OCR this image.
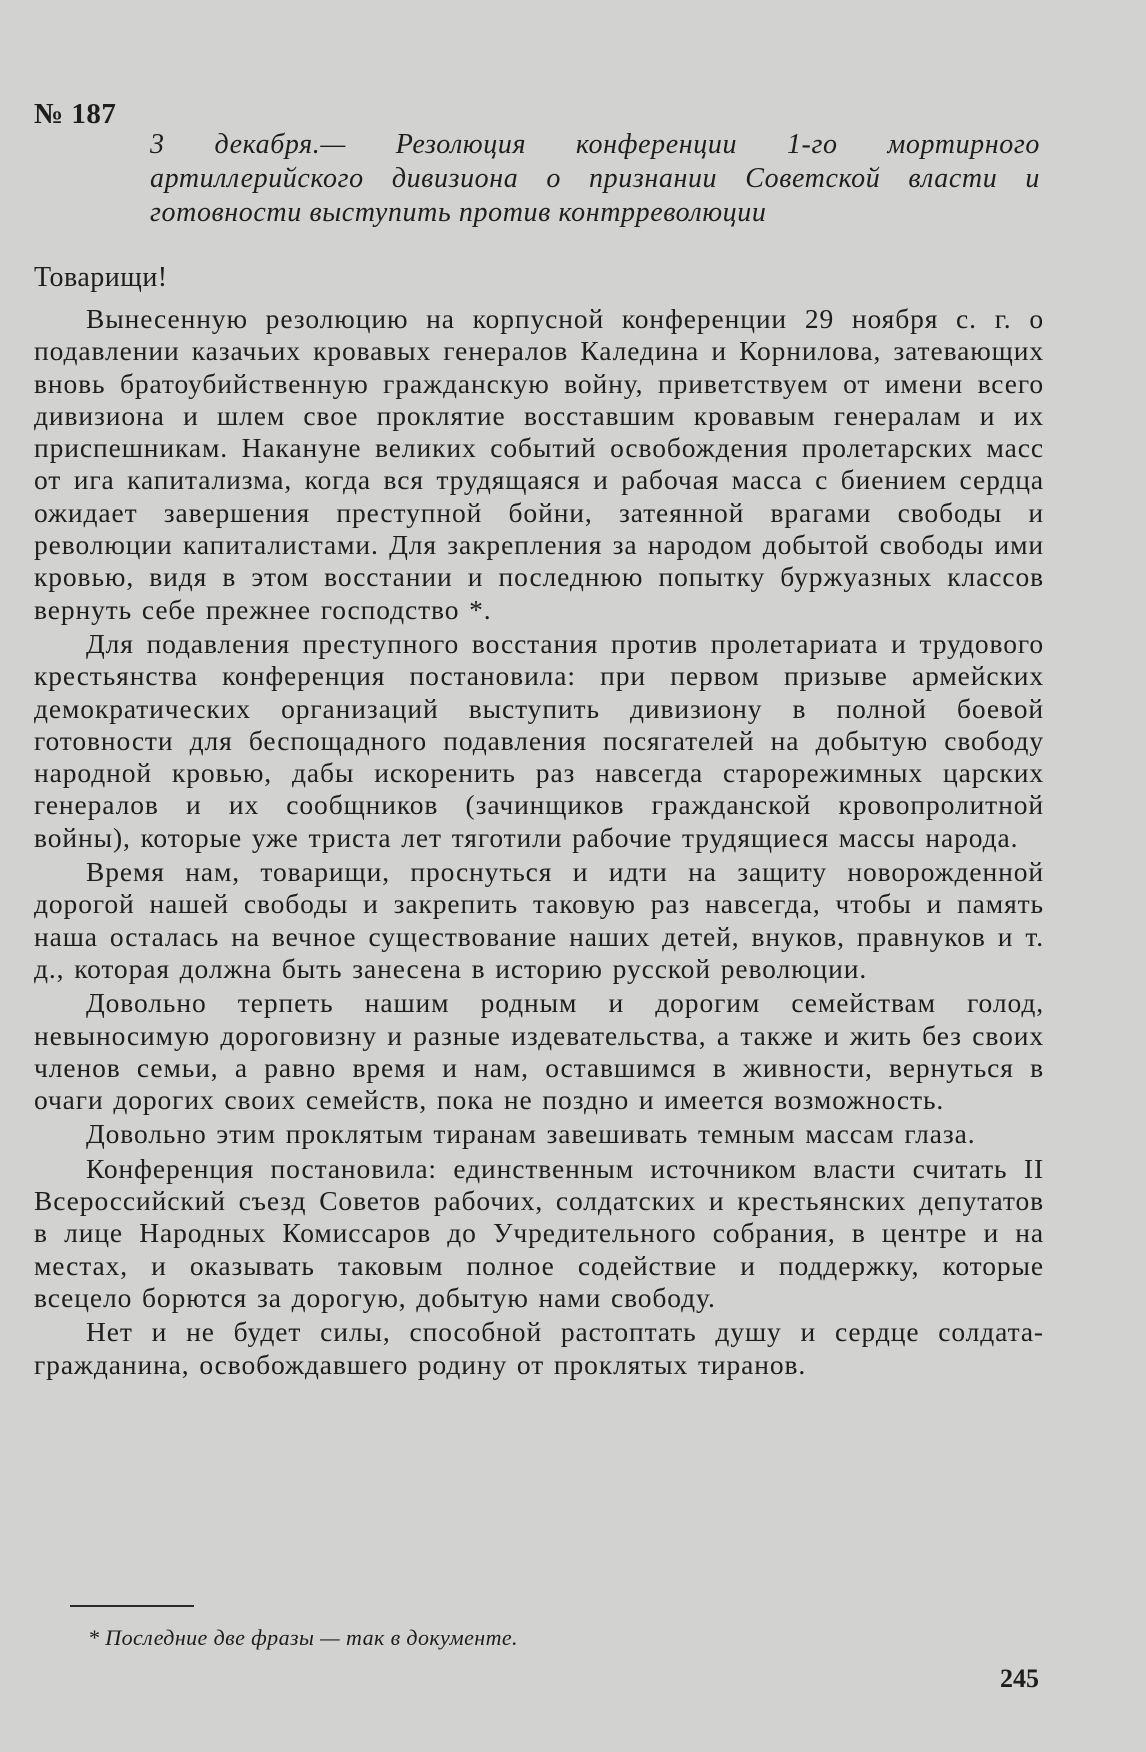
№ 187
3 декабря.— Резолюция конференции 1-го мортирного артиллерийского дивизиона о признании Советской власти и готовности выступить против контрреволюции
Товарищи!

Вынесенную резолюцию на корпусной конференции 29 ноября с. г. о подавлении казачьих кровавых генералов Каледина и Корнилова, затевающих вновь братоубийственную гражданскую войну, приветствуем от имени всего дивизиона и шлем свое проклятие восставшим кровавым генералам и их приспешникам. Накануне великих событий освобождения пролетарских масс от ига капитализма, когда вся трудящаяся и рабочая масса с биением сердца ожидает завершения преступной бойни, затеянной врагами свободы и революции капиталистами. Для закрепления за народом добытой свободы ими кровью, видя в этом восстании и последнюю попытку буржуазных классов вернуть себе прежнее господство *.

Для подавления преступного восстания против пролетариата и трудового крестьянства конференция постановила: при первом призыве армейских демократических организаций выступить дивизиону в полной боевой готовности для беспощадного подавления посягателей на добытую свободу народной кровью, дабы искоренить раз навсегда старорежимных царских генералов и их сообщников (зачинщиков гражданской кровопролитной войны), которые уже триста лет тяготили рабочие трудящиеся массы народа.

Время нам, товарищи, проснуться и идти на защиту новорожденной дорогой нашей свободы и закрепить таковую раз навсегда, чтобы и память наша осталась на вечное существование наших детей, внуков, правнуков и т. д., которая должна быть занесена в историю русской революции.

Довольно терпеть нашим родным и дорогим семействам голод, невыносимую дороговизну и разные издевательства, а также и жить без своих членов семьи, а равно время и нам, оставшимся в живности, вернуться в очаги дорогих своих семейств, пока не поздно и имеется возможность.

Довольно этим проклятым тиранам завешивать темным массам глаза.

Конференция постановила: единственным источником власти считать II Всероссийский съезд Советов рабочих, солдатских и крестьянских депутатов в лице Народных Комиссаров до Учредительного собрания, в центре и на местах, и оказывать таковым полное содействие и поддержку, которые всецело борются за дорогую, добытую нами свободу.

Нет и не будет силы, способной растоптать душу и сердце солдата-гражданина, освобождавшего родину от проклятых тиранов.

* Последние две фразы — так в документе.
245
